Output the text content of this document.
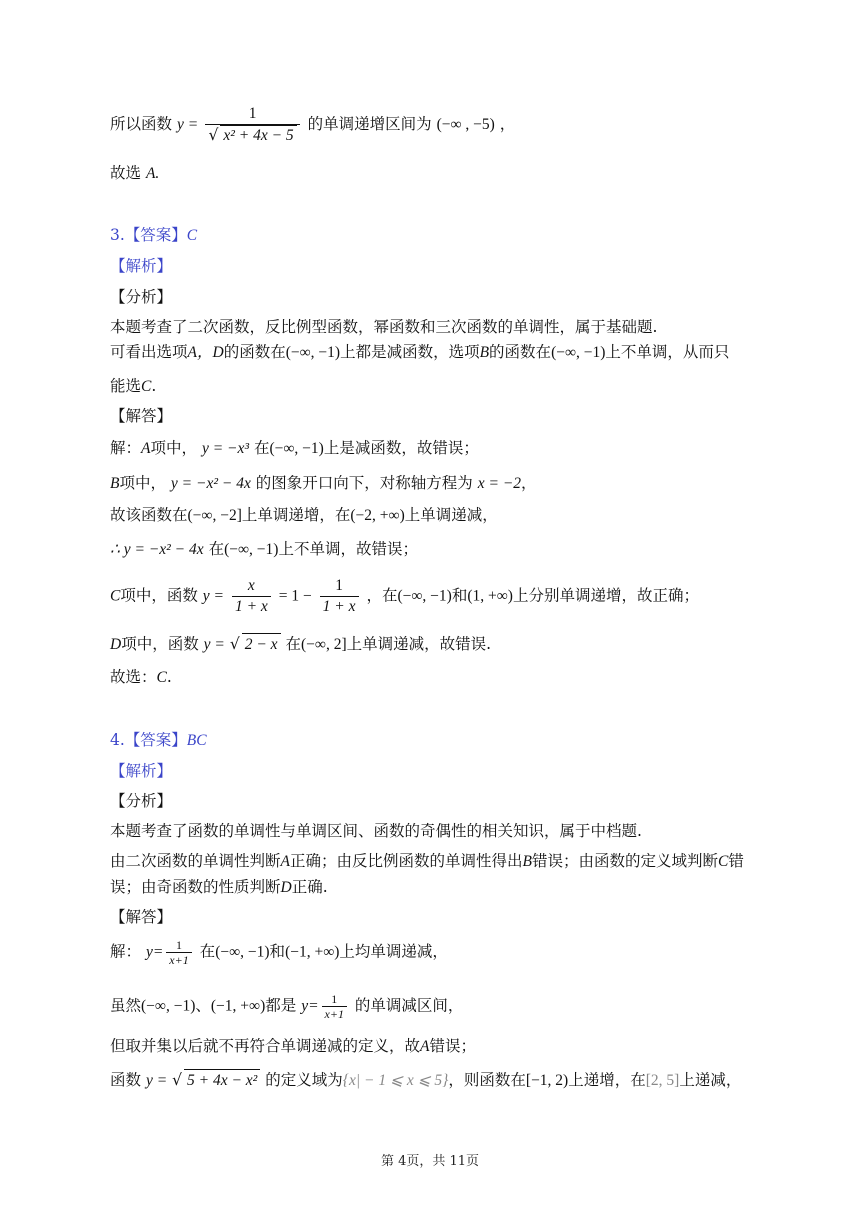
所以函数 $y = \frac{1}{\text{√ x² + 4x − 5}}$ 的单调递增区间为 (−∞ , −5) ，
故选 A.
3.【答案】C
【解析】
【分析】
本题考查了二次函数，反比例型函数，幂函数和三次函数的单调性，属于基础题.
可看出选项A，D的函数在(−∞, −1)上都是减函数，选项B的函数在(−∞, −1)上不单调，从而只
能选C.
【解答】
解：A项中， y = −x³ 在(−∞, −1)上是减函数，故错误；
B项中， y = −x² − 4x 的图象开口向下，对称轴方程为 x = −2，
故该函数在(−∞, −2]上单调递增，在(−2, +∞)上单调递减，
∴ y = −x² − 4x 在(−∞, −1)上不单调，故错误；
C项中，函数 $y = \frac{x}{1 + x} = 1 - \frac{1}{1 + x}$ ，在(−∞, −1)和(1, +∞)上分别单调递增，故正确；
D项中，函数 y = √ 2 − x 在(−∞, 2]上单调递减，故错误.
故选：C.
4.【答案】BC
【解析】
【分析】
本题考查了函数的单调性与单调区间、函数的奇偶性的相关知识，属于中档题.
由二次函数的单调性判断A正确；由反比例函数的单调性得出B错误；由函数的定义域判断C错
误；由奇函数的性质判断D正确.
【解答】
解： $y= \frac{1}{x+1}$ 在(−∞, −1)和(−1, +∞)上均单调递减，
虽然(−∞, −1)、(−1, +∞)都是 $y= \frac{1}{x+1}$ 的单调减区间，
但取并集以后就不再符合单调递减的定义，故A错误；
函数 y = √ 5 + 4x − x² 的定义域为{x| − 1 ⩽ x ⩽ 5}，则函数在[−1, 2)上递增，在[2, 5]上递减，
第 4页，共 11页
